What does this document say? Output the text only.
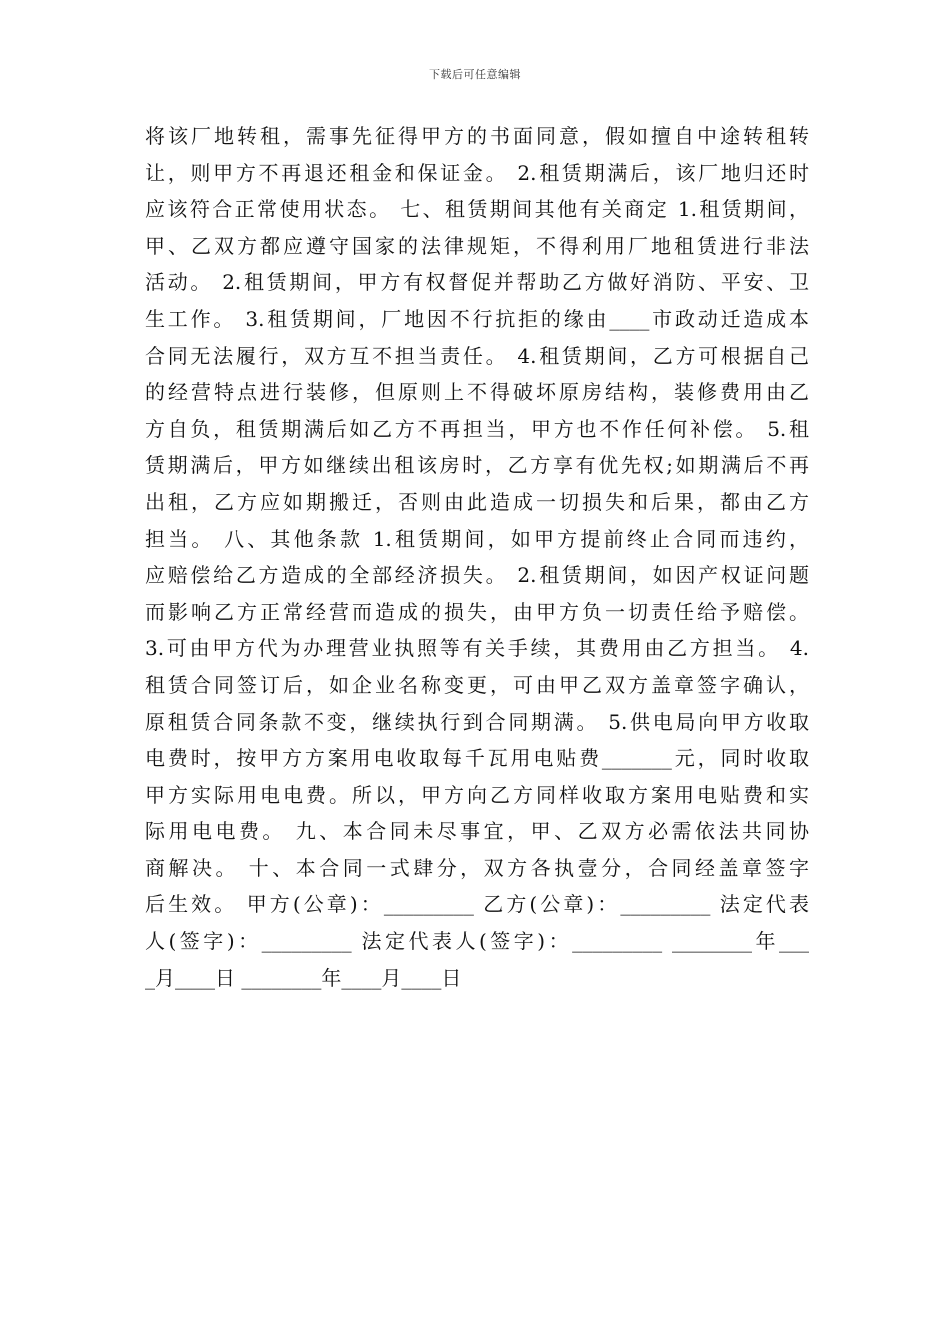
下载后可任意编辑
将该厂地转租，需事先征得甲方的书面同意，假如擅自中途转租转
让，则甲方不再退还租金和保证金。 2.租赁期满后，该厂地归还时
应该符合正常使用状态。 七、租赁期间其他有关商定 1.租赁期间，
甲、乙双方都应遵守国家的法律规矩，不得利用厂地租赁进行非法
活动。 2.租赁期间，甲方有权督促并帮助乙方做好消防、平安、卫
生工作。 3.租赁期间，厂地因不行抗拒的缘由____市政动迁造成本
合同无法履行，双方互不担当责任。 4.租赁期间，乙方可根据自己
的经营特点进行装修，但原则上不得破坏原房结构，装修费用由乙
方自负，租赁期满后如乙方不再担当，甲方也不作任何补偿。 5.租
赁期满后，甲方如继续出租该房时，乙方享有优先权;如期满后不再
出租，乙方应如期搬迁，否则由此造成一切损失和后果，都由乙方
担当。 八、其他条款 1.租赁期间，如甲方提前终止合同而违约，
应赔偿给乙方造成的全部经济损失。 2.租赁期间，如因产权证问题
而影响乙方正常经营而造成的损失，由甲方负一切责任给予赔偿。
3.可由甲方代为办理营业执照等有关手续，其费用由乙方担当。 4.
租赁合同签订后，如企业名称变更，可由甲乙双方盖章签字确认，
原租赁合同条款不变，继续执行到合同期满。 5.供电局向甲方收取
电费时，按甲方方案用电收取每千瓦用电贴费_______元，同时收取
甲方实际用电电费。所以，甲方向乙方同样收取方案用电贴费和实
际用电电费。 九、本合同未尽事宜，甲、乙双方必需依法共同协
商解决。 十、本合同一式肆分，双方各执壹分，合同经盖章签字
后生效。 甲方(公章)：_________ 乙方(公章)：_________ 法定代表
人(签字)：_________ 法定代表人(签字)：_________ ________年___
_月____日 ________年____月____日
